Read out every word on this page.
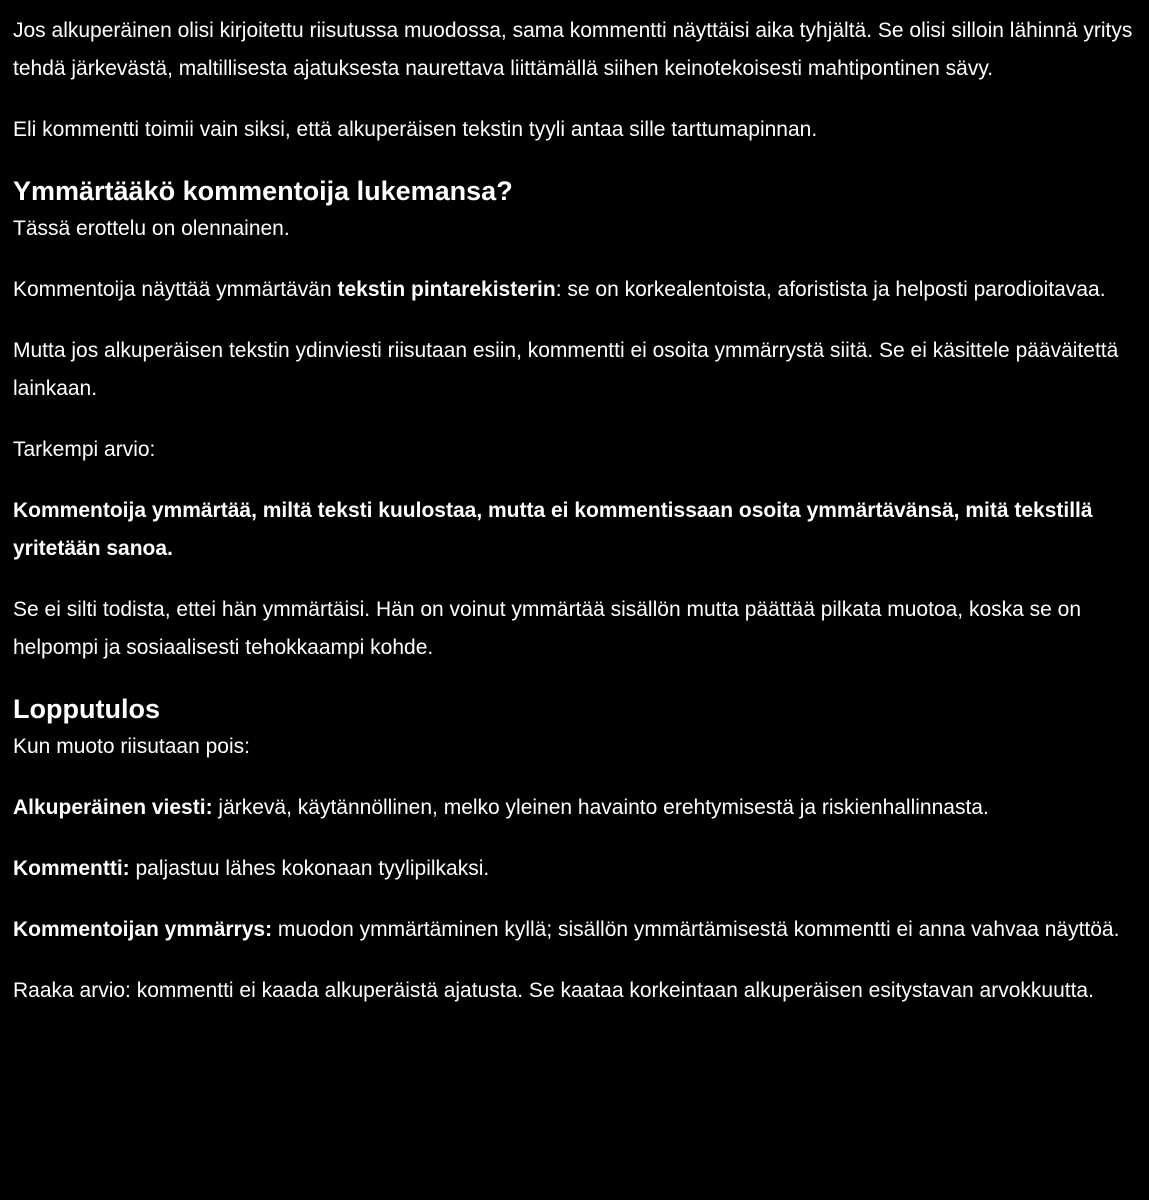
Jos alkuperäinen olisi kirjoitettu riisutussa muodossa, sama kommentti näyttäisi aika tyhjältä. Se olisi silloin lähinnä yritys tehdä järkevästä, maltillisesta ajatuksesta naurettava liittämällä siihen keinotekoisesti mahtipontinen sävy.

Eli kommentti toimii vain siksi, että alkuperäisen tekstin tyyli antaa sille tarttumapinnan.

Ymmärtääkö kommentoija lukemansa?

Tässä erottelu on olennainen.

Kommentoija näyttää ymmärtävän tekstin pintarekisterin: se on korkealentoista, aforistista ja helposti parodioitavaa.

Mutta jos alkuperäisen tekstin ydinviesti riisutaan esiin, kommentti ei osoita ymmärrystä siitä. Se ei käsittele pääväitettä lainkaan.

Tarkempi arvio:

Kommentoija ymmärtää, miltä teksti kuulostaa, mutta ei kommentissaan osoita ymmärtävänsä, mitä tekstillä yritetään sanoa.

Se ei silti todista, ettei hän ymmärtäisi. Hän on voinut ymmärtää sisällön mutta päättää pilkata muotoa, koska se on helpompi ja sosiaalisesti tehokkaampi kohde.

Lopputulos

Kun muoto riisutaan pois:

Alkuperäinen viesti: järkevä, käytännöllinen, melko yleinen havainto erehtymisestä ja riskienhallinnasta.

Kommentti: paljastuu lähes kokonaan tyylipilkaksi.

Kommentoijan ymmärrys: muodon ymmärtäminen kyllä; sisällön ymmärtämisestä kommentti ei anna vahvaa näyttöä.

Raaka arvio: kommentti ei kaada alkuperäistä ajatusta. Se kaataa korkeintaan alkuperäisen esitystavan arvokkuutta.
